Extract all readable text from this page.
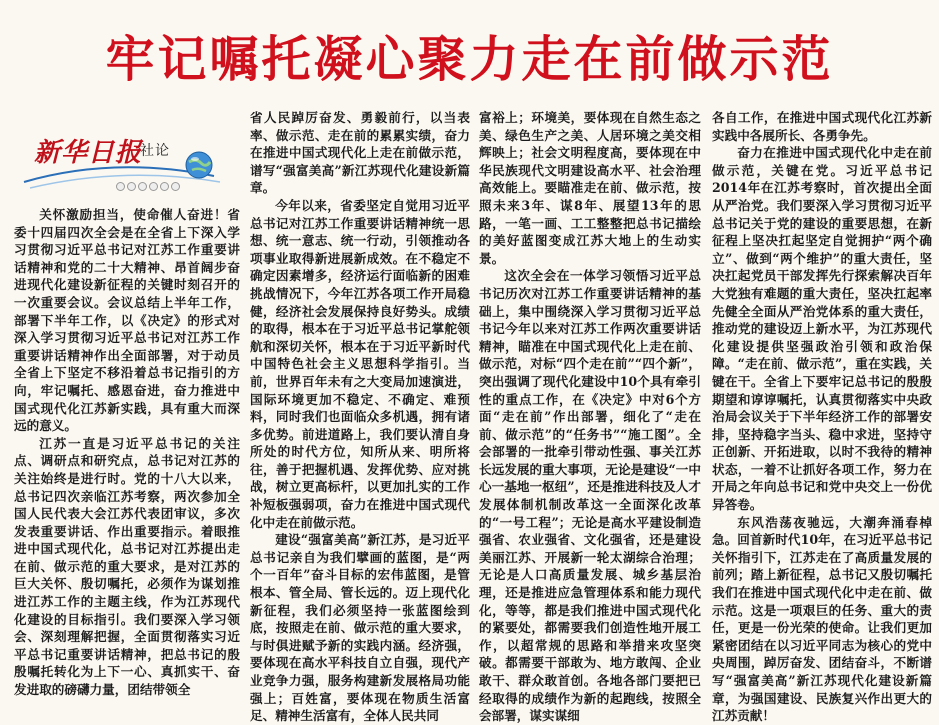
牢记嘱托凝心聚力走在前做示范
新华日报
社论

关怀激励担当，使命催人奋进！省委十四届四次全会是在全省上下深入学习贯彻习近平总书记对江苏工作重要讲话精神和党的二十大精神、昂首阔步奋进现代化建设新征程的关键时刻召开的一次重要会议。会议总结上半年工作，部署下半年工作，以《决定》的形式对深入学习贯彻习近平总书记对江苏工作重要讲话精神作出全面部署，对于动员全省上下坚定不移沿着总书记指引的方向，牢记嘱托、感恩奋进，奋力推进中国式现代化江苏新实践，具有重大而深远的意义。

江苏一直是习近平总书记的关注点、调研点和研究点，总书记对江苏的关注始终是进行时。党的十八大以来，总书记四次亲临江苏考察，两次参加全国人民代表大会江苏代表团审议，多次发表重要讲话、作出重要指示。着眼推进中国式现代化，总书记对江苏提出走在前、做示范的重大要求，是对江苏的巨大关怀、殷切嘱托，必须作为谋划推进江苏工作的主题主线，作为江苏现代化建设的目标指引。我们要深入学习领会、深刻理解把握，全面贯彻落实习近平总书记重要讲话精神，把总书记的殷殷嘱托转化为上下一心、真抓实干、奋发进取的磅礴力量，团结带领全

省人民踔厉奋发、勇毅前行，以当表率、做示范、走在前的累累实绩，奋力在推进中国式现代化上走在前做示范，谱写“强富美高”新江苏现代化建设新篇章。

今年以来，省委坚定自觉用习近平总书记对江苏工作重要讲话精神统一思想、统一意志、统一行动，引领推动各项事业取得新进展新成效。在不稳定不确定因素增多，经济运行面临新的困难挑战情况下，今年江苏各项工作开局稳健，经济社会发展保持良好势头。成绩的取得，根本在于习近平总书记掌舵领航和深切关怀，根本在于习近平新时代中国特色社会主义思想科学指引。当前，世界百年未有之大变局加速演进，国际环境更加不稳定、不确定、难预料，同时我们也面临众多机遇，拥有诸多优势。前进道路上，我们要认清自身所处的时代方位，知所从来、明所将往，善于把握机遇、发挥优势、应对挑战，树立更高标杆，以更加扎实的工作补短板强弱项，奋力在推进中国式现代化中走在前做示范。

建设“强富美高”新江苏，是习近平总书记亲自为我们擘画的蓝图，是“两个一百年”奋斗目标的宏伟蓝图，是管根本、管全局、管长远的。迈上现代化新征程，我们必须坚持一张蓝图绘到底，按照走在前、做示范的重大要求，与时俱进赋予新的实践内涵。经济强，要体现在高水平科技自立自强，现代产业竞争力强，服务构建新发展格局功能强上；百姓富，要体现在物质生活富足、精神生活富有，全体人民共同

富裕上；环境美，要体现在自然生态之美、绿色生产之美、人居环境之美交相辉映上；社会文明程度高，要体现在中华民族现代文明建设高水平、社会治理高效能上。要瞄准走在前、做示范，按照未来3年、谋8年、展望13年的思路，一笔一画、工工整整把总书记描绘的美好蓝图变成江苏大地上的生动实景。

这次全会在一体学习领悟习近平总书记历次对江苏工作重要讲话精神的基础上，集中围绕深入学习贯彻习近平总书记今年以来对江苏工作两次重要讲话精神，瞄准在中国式现代化上走在前、做示范，对标“四个走在前”“四个新”，突出强调了现代化建设中10个具有牵引性的重点工作，在《决定》中对6个方面“走在前”作出部署，细化了“走在前、做示范”的“任务书”“施工图”。全会部署的一批牵引带动性强、事关江苏长远发展的重大事项，无论是建设“一中心一基地一枢纽”，还是推进科技及人才发展体制机制改革这一全面深化改革的“一号工程”；无论是高水平建设制造强省、农业强省、文化强省，还是建设美丽江苏、开展新一轮太湖综合治理；无论是人口高质量发展、城乡基层治理，还是推进应急管理体系和能力现代化，等等，都是我们推进中国式现代化的紧要处，都需要我们创造性地开展工作，以超常规的思路和举措来攻坚突破。都需要干部敢为、地方敢闯、企业敢干、群众敢首创。各地各部门要把已经取得的成绩作为新的起跑线，按照全会部署，谋实谋细

各自工作，在推进中国式现代化江苏新实践中各展所长、各勇争先。

奋力在推进中国式现代化中走在前做示范，关键在党。习近平总书记2014年在江苏考察时，首次提出全面从严治党。我们要深入学习贯彻习近平总书记关于党的建设的重要思想，在新征程上坚决扛起坚定自觉拥护“两个确立”、做到“两个维护”的重大责任，坚决扛起党员干部发挥先行探索解决百年大党独有难题的重大责任，坚决扛起率先健全全面从严治党体系的重大责任，推动党的建设迈上新水平，为江苏现代化建设提供坚强政治引领和政治保障。“走在前、做示范”，重在实践，关键在干。全省上下要牢记总书记的殷殷期望和谆谆嘱托，认真贯彻落实中央政治局会议关于下半年经济工作的部署安排，坚持稳字当头、稳中求进，坚持守正创新、开拓进取，以时不我待的精神状态，一着不让抓好各项工作，努力在开局之年向总书记和党中央交上一份优异答卷。

东风浩荡夜驰远，大潮奔涌春棹急。回首新时代10年，在习近平总书记关怀指引下，江苏走在了高质量发展的前列；踏上新征程，总书记又殷切嘱托我们在推进中国式现代化中走在前、做示范。这是一项艰巨的任务、重大的责任，更是一份光荣的使命。让我们更加紧密团结在以习近平同志为核心的党中央周围，踔厉奋发、团结奋斗，不断谱写“强富美高”新江苏现代化建设新篇章，为强国建设、民族复兴作出更大的江苏贡献！
